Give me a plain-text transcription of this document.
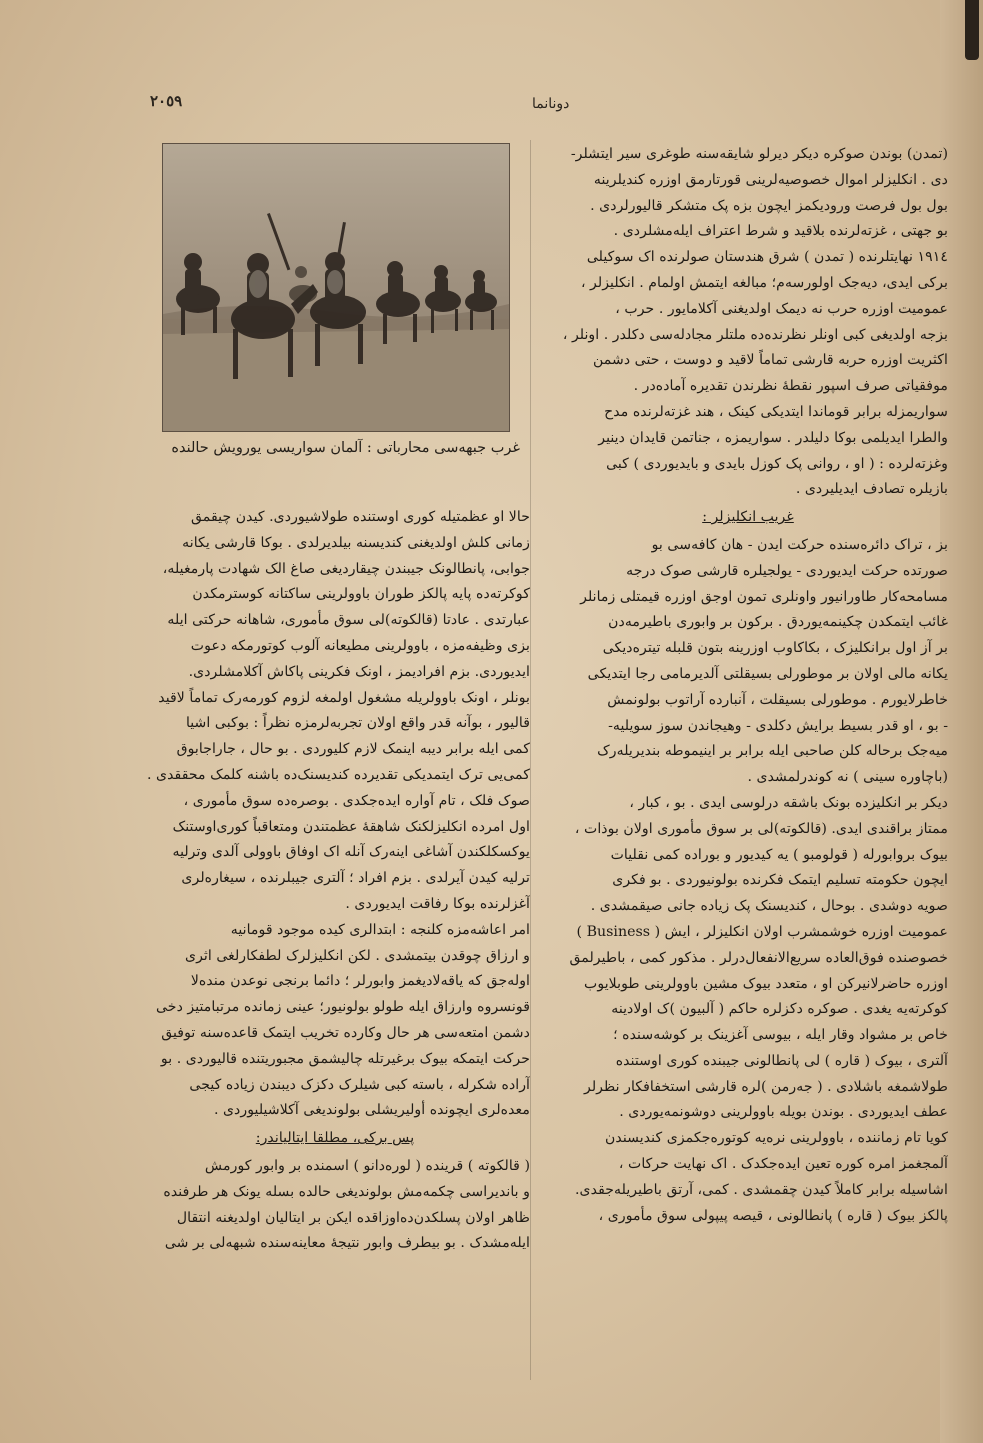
٢٠٥٩	دونانما
غرب جبهه‌سی محارباتی : آلمان سواریسی یورویش حالنده

(تمدن) بوندن صوکره دیکر دیرلو شایقه‌سنه طوغری سیر ایتشلر-

دی . انکلیزلر اموال خصوصیه‌لرینی قورتارمق اوزره کندیلرینه

بول بول فرصت ورودیکمز ایچون بزه پک متشکر قالیورلردی .

بو جهتی ، غزته‌لرنده بلاقید و شرط اعتراف ایله‌مشلردی .

١٩١٤ نهایتلرنده ( تمدن ) شرق هندستان صولرنده اک سوکیلی

برکی ایدی، دیه‌جک اولورسه‌م؛ مبالغه ایتمش اولمام . انکلیزلر ،

عمومیت اوزره حرب نه دیمک اولدیغنی آکلامایور . حرب ،

بزجه اولدیغی کبی اونلر نظرنده‌ده ملتلر مجادله‌سی دکلدر . اونلر ،

اکثریت اوزره حربه قارشی تماماً لاقید و دوست ، حتی دشمن

موفقیاتی صرف اسپور نقطهٔ نظرندن تقدیره آماده‌در .

سواریمزله برابر قوماندا ایتدیکی کینک ، هند غزته‌لرنده مدح

والطرا ایدیلمی بوکا دلیلدر . سواریمزه ، جناتمن قایدان دینیر

وغزته‌لرده : ( او ، روانی پک کوزل بایدی و بایدیوردی ) کبی

بازیلره تصادف ایدیلیردی .

غریب انکلیزلر :

بز ، تراک دائره‌سنده حرکت ایدن - هان کافه‌سی بو

صورتده حرکت ایدیوردی - یولجیلره قارشی صوک درجه

مسامحه‌کار طاورانیور واونلری تمون اوجق اوزره قیمتلی زمانلر

غائب ایتمکدن چکینمه‌یوردق . برکون بر وابوری باطیرمه‌دن

بر آز اول برانکلیزک ، بکاکاوب اوزرینه بتون قلبله تیتره‌دیکی

یکانه مالی اولان بر موطورلی بسیقلتی آلدیرمامی رجا ایتدیکی

خاطرلایورم . موطورلی بسیقلت ، آنبارده آراتوب بولونمش

- بو ، او قدر بسیط برایش دکلدی - وهیجاندن سوز سویلیه-

میه‌جک برحاله کلن صاحبی ایله برابر بر اینیموطه بندیریله‌رک

(باچاوره سینی ) نه کوندرلمشدی .

دیکر بر انکلیزده بونک باشقه درلوسی ایدی . بو ، کبار ،

ممتاز براقندی ایدی. (قالکوته)لی بر سوق مأموری اولان بوذات ،

بیوک بروابورله ( قولومبو ) یه کیدیور و بوراده کمی نقلیات

ایچون حکومته تسلیم ایتمک فکرنده بولونیوردی . بو فکری

صویه دوشدی . بوحال ، کندیسنک پک زیاده جانی صیقمشدی .

عمومیت اوزره خوشمشرب اولان انکلیزلر ، ایش ( Business )

خصوصنده فوق‌العاده سریع‌الانفعال‌درلر . مذکور کمی ، باطیرلمق

اوزره حاضرلانیرکن او ، متعدد بیوک مشین باوولرینی طوبلایوب

کوکرته‌یه یغدی . صوکره دکزلره حاکم ( آلبیون )ک اولادینه

خاص بر مشواد وقار ایله ، بیوسی آغزینک بر کوشه‌سنده ؛

آلتری ، بیوک ( قاره ) لی پانطالونی جیبنده کوری اوستنده

طولاشمغه باشلادی . ( جه‌رمن )لره قارشی استخفافکار نظرلر

عطف ایدیوردی . بوندن بویله باوولرینی دوشونمه‌یوردی .

کویا تام زماننده ، باوولرینی نره‌یه کوتوره‌جکمزی کندیسندن

آلمجغمز امره کوره تعین ایده‌جکدک . اک نهایت حرکات ،

اشاسیله برابر کاملاً کیدن چقمشدی . کمی، آرتق باطیریله‌جقدی.

پالکز بیوک ( قاره ) پانطالونی ، قیصه پیپولی سوق مأموری ،

حالا او عظمتیله کوری اوستنده طولاشیوردی. کیدن چیقمق

زمانی کلش اولدیغنی کندیسنه بیلدیرلدی . بوکا قارشی یکانه

جوابی، پانطالونک جیبندن چیقاردیغی صاغ الک شهادت پارمغیله،

کوکرته‌ده پایه پالکز طوران باوولرینی ساکتانه کوسترمکدن

عبارتدی . عادتا (قالکوته)لی سوق مأموری، شاهانه حرکتی ایله

بزی وظیفه‌مزه ، باوولرینی مطیعانه آلوب کوتورمکه دعوت

ایدیوردی. بزم افرادیمز ، اونک فکرینی پاکاش آکلامشلردی.

بونلر ، اونک باوولریله مشغول اولمغه لزوم کورمه‌رک تماماً لاقید

قالیور ، بوآنه قدر واقع اولان تجربه‌لرمزه نظراً : بوکبی اشیا

کمی ایله برابر دیبه اینمک لازم کلیوردی . بو حال ، جاراجابوق

کمی‌یی ترک ایتمدیکی تقدیرده کندیسنک‌ده باشنه کلمک محققدی .

صوک فلک ، تام آواره ایده‌جکدی . بوصره‌ده سوق مأموری ،

اول امرده انکلیزلکنک شاهقهٔ عظمتندن ومتعاقباً کوری‌اوستنک

یوکسکلکندن آشاغی اینه‌رک آنله اک اوفاق باوولی آلدی وترلیه

ترلیه کیدن آیرلدی . بزم افراد ؛ آلتری جیبلرنده ، سیغاره‌لری

آغزلرنده بوکا رفاقت ایدیوردی .

امر اعاشه‌مزه کلنجه : ابتدالری کیده موجود قومانیه

و ارزاق چوقدن بیتمشدی . لکن انکلیزلرک لطفکارلغی اثری

اوله‌جق که یاقه‌لادیغمز وابورلر ؛ دائما برنجی نوعدن منده‌لا

قونسروه وارزاق ایله طولو بولونیور؛ عینی زمانده مرتبامتیز دخی

دشمن امتعه‌سی هر حال وکارده تخریب ایتمک قاعده‌سنه توفیق

حرکت ایتمکه بیوک برغیرتله چالیشمق مجبوریتنده قالیوردی . بو

آراده شکرله ، باسته کبی شیلرک دکزک دیبندن زیاده کیجی

معده‌لری ایچونده أولیریشلی بولوندیغی آکلاشیلیوردی .

پس برکی، مطلقا ایتالیاندر:

( قالکوته ) قرینده ( لوره‌دانو ) اسمنده بر وابور کورمش

و باندیراسی چکمه‌مش بولوندیغی حالده بسله یونک هر طرفنده

ظاهر اولان پسلکدن‌ده‌اوزاقده ایکن بر ایتالیان اولدیغنه انتقال

ایله‌مشدک . بو بیطرف وابور نتیجهٔ معاینه‌سنده شبهه‌لی بر شی
